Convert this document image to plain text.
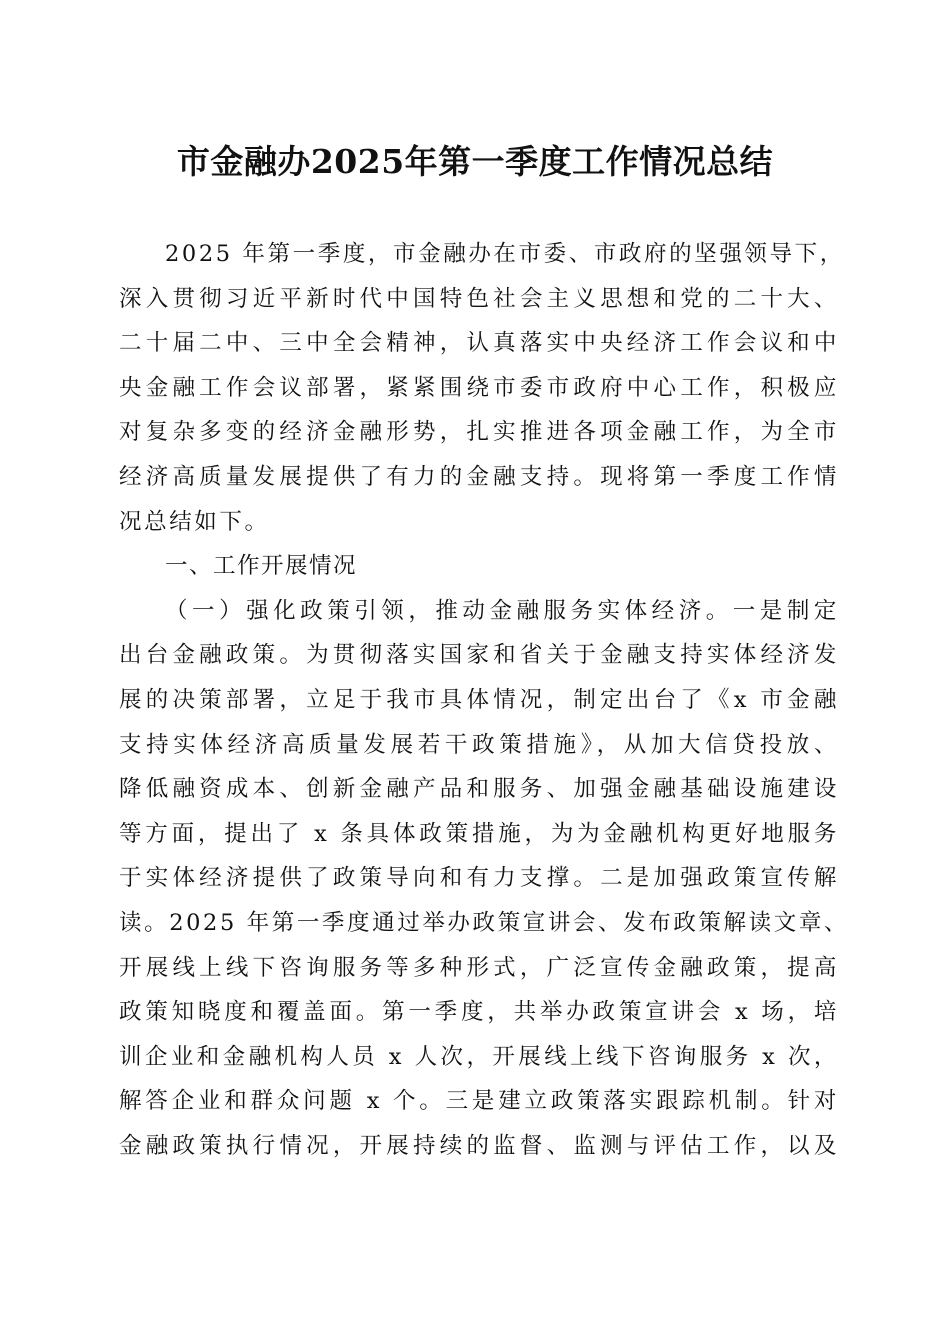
市金融办2025年第一季度工作情况总结
2025 年第一季度，市金融办在市委、市政府的坚强领导下，
深入贯彻习近平新时代中国特色社会主义思想和党的二十大、
二十届二中、三中全会精神，认真落实中央经济工作会议和中
央金融工作会议部署，紧紧围绕市委市政府中心工作，积极应
对复杂多变的经济金融形势，扎实推进各项金融工作，为全市
经济高质量发展提供了有力的金融支持。现将第一季度工作情
况总结如下。
一、工作开展情况
（一）强化政策引领，推动金融服务实体经济。一是制定
出台金融政策。为贯彻落实国家和省关于金融支持实体经济发
展的决策部署，立足于我市具体情况，制定出台了《x 市金融
支持实体经济高质量发展若干政策措施》，从加大信贷投放、
降低融资成本、创新金融产品和服务、加强金融基础设施建设
等方面，提出了 x 条具体政策措施，为为金融机构更好地服务
于实体经济提供了政策导向和有力支撑。二是加强政策宣传解
读。2025 年第一季度通过举办政策宣讲会、发布政策解读文章、
开展线上线下咨询服务等多种形式，广泛宣传金融政策，提高
政策知晓度和覆盖面。第一季度，共举办政策宣讲会 x 场，培
训企业和金融机构人员 x 人次，开展线上线下咨询服务 x 次，
解答企业和群众问题 x 个。三是建立政策落实跟踪机制。针对
金融政策执行情况，开展持续的监督、监测与评估工作，以及
